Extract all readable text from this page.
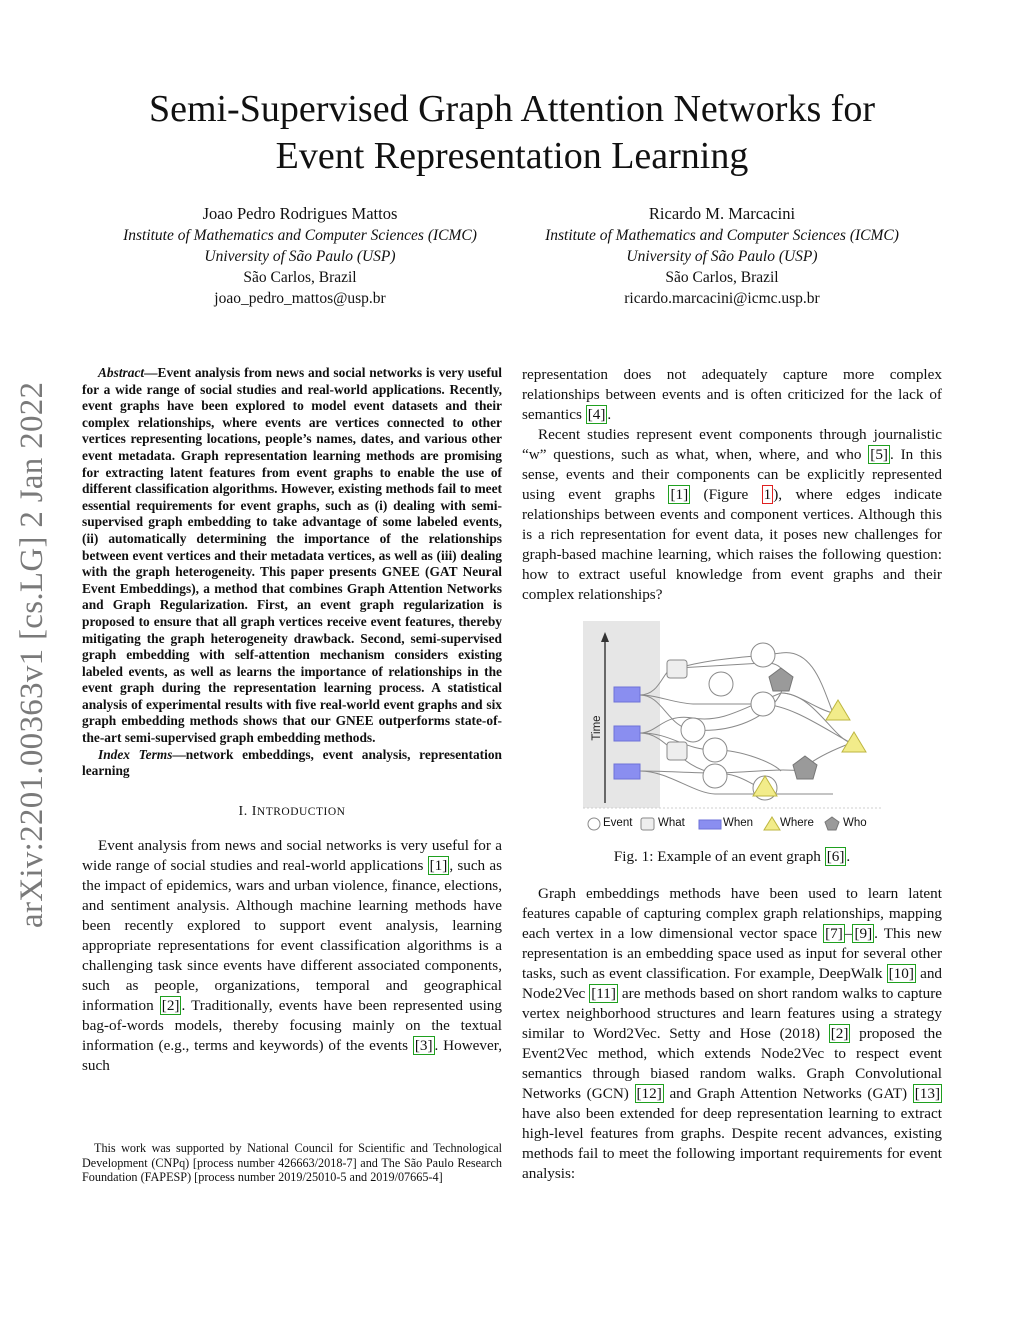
Semi-Supervised Graph Attention Networks for
Event Representation Learning
Joao Pedro Rodrigues Mattos
Institute of Mathematics and Computer Sciences (ICMC)
University of São Paulo (USP)
São Carlos, Brazil
joao_pedro_mattos@usp.br
Ricardo M. Marcacini
Institute of Mathematics and Computer Sciences (ICMC)
University of São Paulo (USP)
São Carlos, Brazil
ricardo.marcacini@icmc.usp.br
arXiv:2201.00363v1 [cs.LG] 2 Jan 2022

Abstract—Event analysis from news and social networks is very useful for a wide range of social studies and real-world applications. Recently, event graphs have been explored to model event datasets and their complex relationships, where events are vertices connected to other vertices representing locations, people’s names, dates, and various other event metadata. Graph representation learning methods are promising for extracting latent features from event graphs to enable the use of different classification algorithms. However, existing methods fail to meet essential requirements for event graphs, such as (i) dealing with semi-supervised graph embedding to take advantage of some labeled events, (ii) automatically determining the importance of the relationships between event vertices and their metadata vertices, as well as (iii) dealing with the graph heterogeneity. This paper presents GNEE (GAT Neural Event Embeddings), a method that combines Graph Attention Networks and Graph Regularization. First, an event graph regularization is proposed to ensure that all graph vertices receive event features, thereby mitigating the graph heterogeneity drawback. Second, semi-supervised graph embedding with self-attention mechanism considers existing labeled events, as well as learns the importance of relationships in the event graph during the representation learning process. A statistical analysis of experimental results with five real-world event graphs and six graph embedding methods shows that our GNEE outperforms state-of-the-art semi-supervised graph embedding methods.

Index Terms—network embeddings, event analysis, representation learning

I. INTRODUCTION

Event analysis from news and social networks is very useful for a wide range of social studies and real-world applications [1] , such as the impact of epidemics, wars and urban violence, finance, elections, and sentiment analysis. Although machine learning methods have been recently explored to support event analysis, learning appropriate representations for event classification algorithms is a challenging task since events have different associated components, such as people, organizations, temporal and geographical information [2] . Traditionally, events have been represented using bag-of-words models, thereby focusing mainly on the textual information (e.g., terms and keywords) of the events [3] . However, such

This work was supported by National Council for Scientific and Technological Development (CNPq) [process number 426663/2018-7] and The São Paulo Research Foundation (FAPESP) [process number 2019/25010-5 and 2019/07665-4]

representation does not adequately capture more complex relationships between events and is often criticized for the lack of semantics [4] .

Recent studies represent event components through journalistic “w” questions, such as what, when, where, and who [5] . In this sense, events and their components can be explicitly represented using event graphs [1] (Figure 1 ), where edges indicate relationships between events and component vertices. Although this is a rich representation for event data, it poses new challenges for graph-based machine learning, which raises the following question: how to extract useful knowledge from event graphs and their complex relationships?

Time
Event What	When Where	Who
Fig. 1: Example of an event graph [6] .

Graph embeddings methods have been used to learn latent features capable of capturing complex graph relationships, mapping each vertex in a low dimensional vector space [7] – [9] . This new representation is an embedding space used as input for several other tasks, such as event classification. For example, DeepWalk [10] and Node2Vec [11] are methods based on short random walks to capture vertex neighborhood structures and learn features using a strategy similar to Word2Vec. Setty and Hose (2018) [2] proposed the Event2Vec method, which extends Node2Vec to respect event semantics through biased random walks. Graph Convolutional Networks (GCN) [12] and Graph Attention Networks (GAT) [13] have also been extended for deep representation learning to extract high-level features from graphs. Despite recent advances, existing methods fail to meet the following important requirements for event analysis:
